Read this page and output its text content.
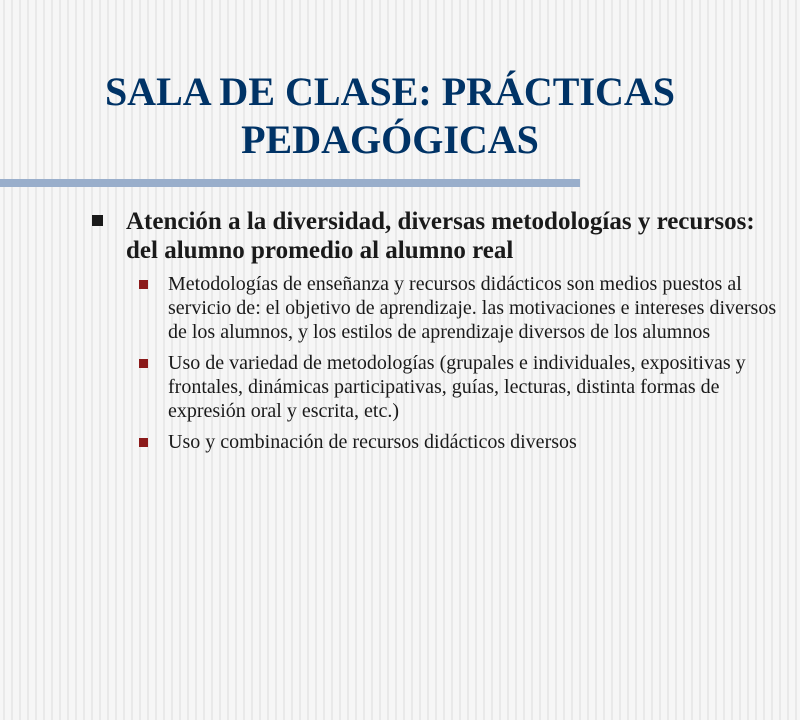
SALA DE CLASE: PRÁCTICAS PEDAGÓGICAS
Atención a la diversidad, diversas metodologías y recursos: del alumno promedio al alumno real
Metodologías de enseñanza y recursos didácticos son medios puestos al servicio de: el objetivo de aprendizaje. las motivaciones e intereses diversos de los alumnos, y los estilos de aprendizaje diversos de los alumnos
Uso de variedad de metodologías (grupales e individuales, expositivas y frontales, dinámicas participativas, guías, lecturas, distinta formas de expresión oral y escrita, etc.)
Uso y combinación de recursos didácticos diversos
